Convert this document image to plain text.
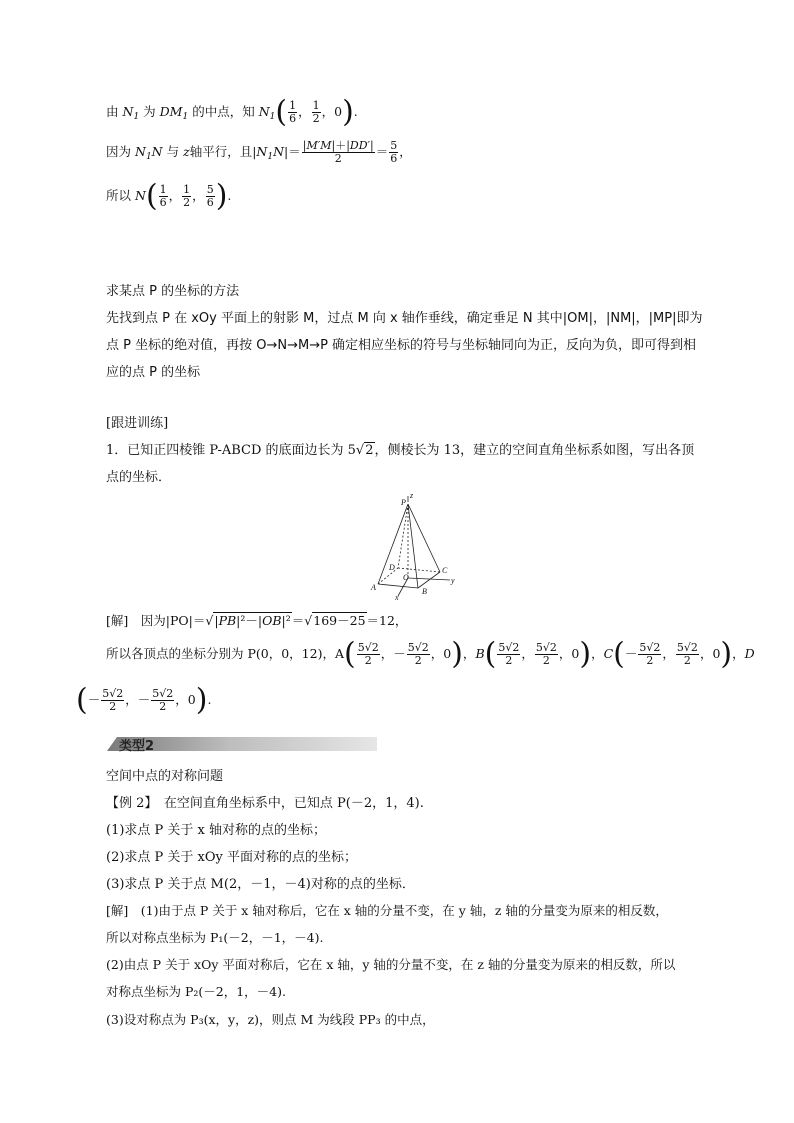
由 $N_1$ 为 $DM_1$ 的中点，知 $N_1( \frac{1}{6}$ ， $\frac{1}{2}$ ，0).
因为 $N_1N$ 与 z轴平行，且$|N_1N|= \frac{|M'M|+|DD'|}{2} = \frac{5}{6}$ ，
所以 $N( \frac{1}{6}$ ， $\frac{1}{2}$ ， $\frac{5}{6}$ ).
求某点 P 的坐标的方法
先找到点 P 在 xOy 平面上的射影 M，过点 M 向 x 轴作垂线，确定垂足 N 其中|OM|，|NM|，|MP|即为
点 P 坐标的绝对值，再按 O→N→M→P 确定相应坐标的符号与坐标轴同向为正，反向为负，即可得到相
应的点 P 的坐标
[跟进训练]
1．已知正四棱锥 P-ABCD 的底面边长为 5√2，侧棱长为 13，建立的空间直角坐标系如图，写出各顶
点的坐标．
P
z
D	C
O
A	B
x
y
[解]　 因为|PO|＝√|PB|²－|OB|²＝√169－25＝12，
所以各顶点的坐标分别为 P(0，0，12)，$A( \frac{5√2}{2}$ ，－ $\frac{5√2}{2}$ ，0)，$B( \frac{5√2}{2}$ ， $\frac{5√2}{2}$ ，0)，$C(- \frac{5√2}{2}$ ， $\frac{5√2}{2}$ ，0)，D
(－ $\frac{5√2}{2}$ ，－ $\frac{5√2}{2}$ ，0).
类型2
空间中点的对称问题
【例 2】　 在空间直角坐标系中，已知点 P(－2，1，4).
(1)求点 P 关于 x 轴对称的点的坐标；
(2)求点 P 关于 xOy 平面对称的点的坐标；
(3)求点 P 关于点 M(2，－1，－4)对称的点的坐标．
[解]　(1)由于点 P 关于 x 轴对称后，它在 x 轴的分量不变，在 y 轴，z 轴的分量变为原来的相反数，
所以对称点坐标为 P₁(－2，－1，－4).
(2)由点 P 关于 xOy 平面对称后，它在 x 轴，y 轴的分量不变，在 z 轴的分量变为原来的相反数，所以
对称点坐标为 P₂(－2，1，－4).
(3)设对称点为 P₃(x，y，z)，则点 M 为线段 PP₃ 的中点，
